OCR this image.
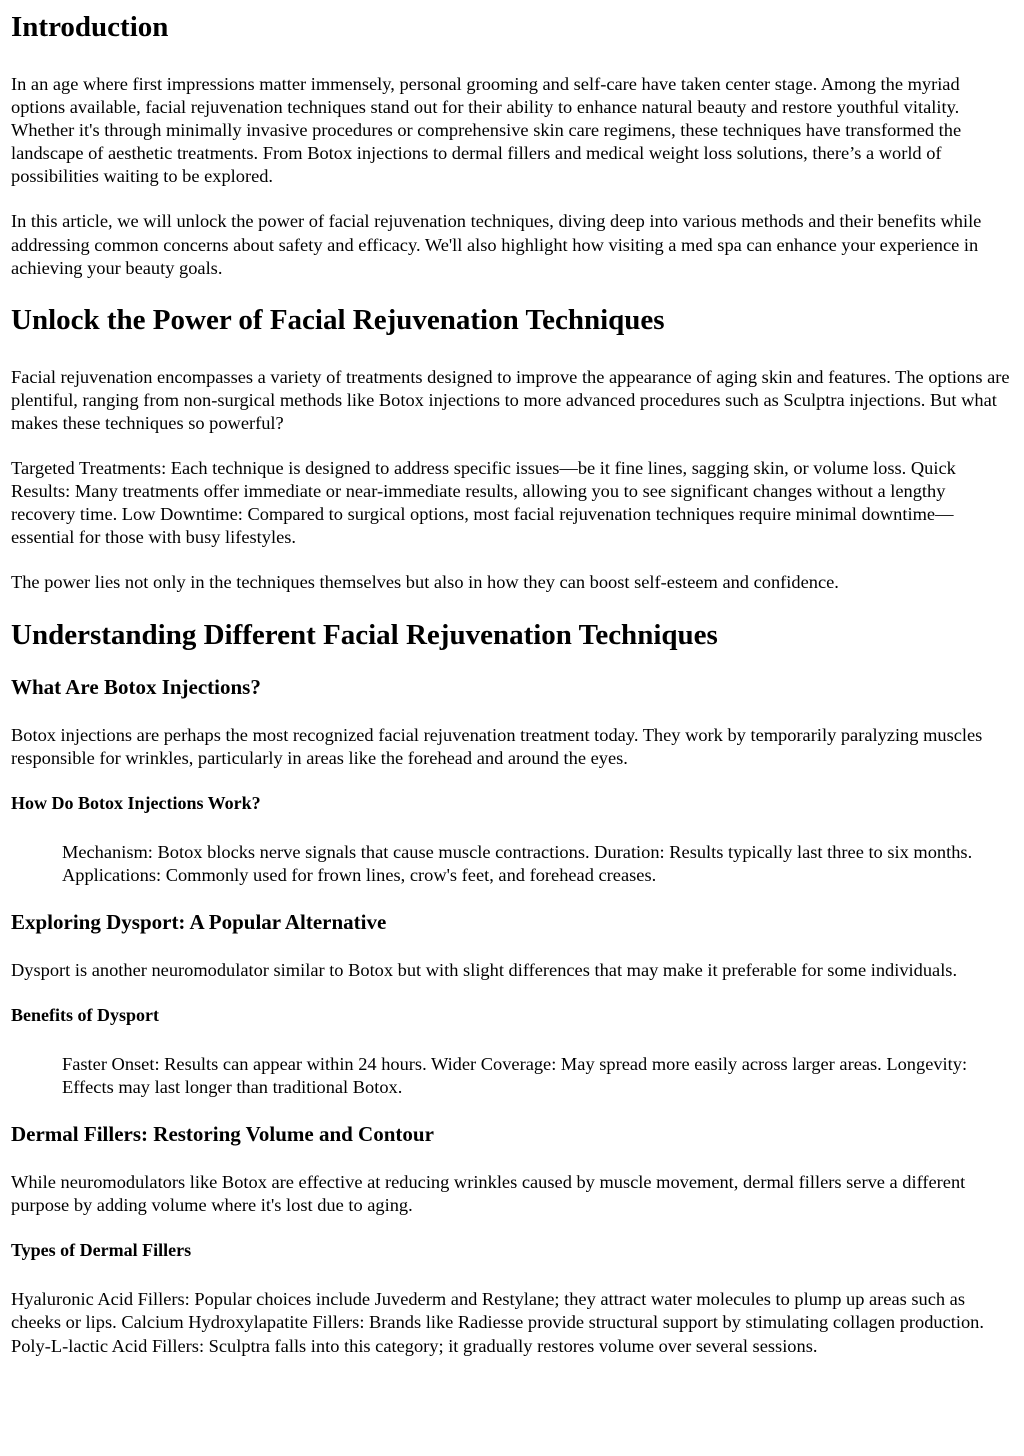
Introduction

In an age where first impressions matter immensely, personal grooming and self-care have taken center stage. Among the myriad options available, facial rejuvenation techniques stand out for their ability to enhance natural beauty and restore youthful vitality. Whether it's through minimally invasive procedures or comprehensive skin care regimens, these techniques have transformed the landscape of aesthetic treatments. From Botox injections to dermal fillers and medical weight loss solutions, there’s a world of possibilities waiting to be explored.

In this article, we will unlock the power of facial rejuvenation techniques, diving deep into various methods and their benefits while addressing common concerns about safety and efficacy. We'll also highlight how visiting a med spa can enhance your experience in achieving your beauty goals.

Unlock the Power of Facial Rejuvenation Techniques

Facial rejuvenation encompasses a variety of treatments designed to improve the appearance of aging skin and features. The options are plentiful, ranging from non-surgical methods like Botox injections to more advanced procedures such as Sculptra injections. But what makes these techniques so powerful?

Targeted Treatments: Each technique is designed to address specific issues—be it fine lines, sagging skin, or volume loss. Quick Results: Many treatments offer immediate or near-immediate results, allowing you to see significant changes without a lengthy recovery time. Low Downtime: Compared to surgical options, most facial rejuvenation techniques require minimal downtime—essential for those with busy lifestyles.

The power lies not only in the techniques themselves but also in how they can boost self-esteem and confidence.

Understanding Different Facial Rejuvenation Techniques
What Are Botox Injections?

Botox injections are perhaps the most recognized facial rejuvenation treatment today. They work by temporarily paralyzing muscles responsible for wrinkles, particularly in areas like the forehead and around the eyes.

How Do Botox Injections Work?
Mechanism: Botox blocks nerve signals that cause muscle contractions. Duration: Results typically last three to six months. Applications: Commonly used for frown lines, crow's feet, and forehead creases.
Exploring Dysport: A Popular Alternative

Dysport is another neuromodulator similar to Botox but with slight differences that may make it preferable for some individuals.

Benefits of Dysport
Faster Onset: Results can appear within 24 hours. Wider Coverage: May spread more easily across larger areas. Longevity: Effects may last longer than traditional Botox.
Dermal Fillers: Restoring Volume and Contour

While neuromodulators like Botox are effective at reducing wrinkles caused by muscle movement, dermal fillers serve a different purpose by adding volume where it's lost due to aging.

Types of Dermal Fillers

Hyaluronic Acid Fillers: Popular choices include Juvederm and Restylane; they attract water molecules to plump up areas such as cheeks or lips. Calcium Hydroxylapatite Fillers: Brands like Radiesse provide structural support by stimulating collagen production. Poly-L-lactic Acid Fillers: Sculptra falls into this category; it gradually restores volume over several sessions.
